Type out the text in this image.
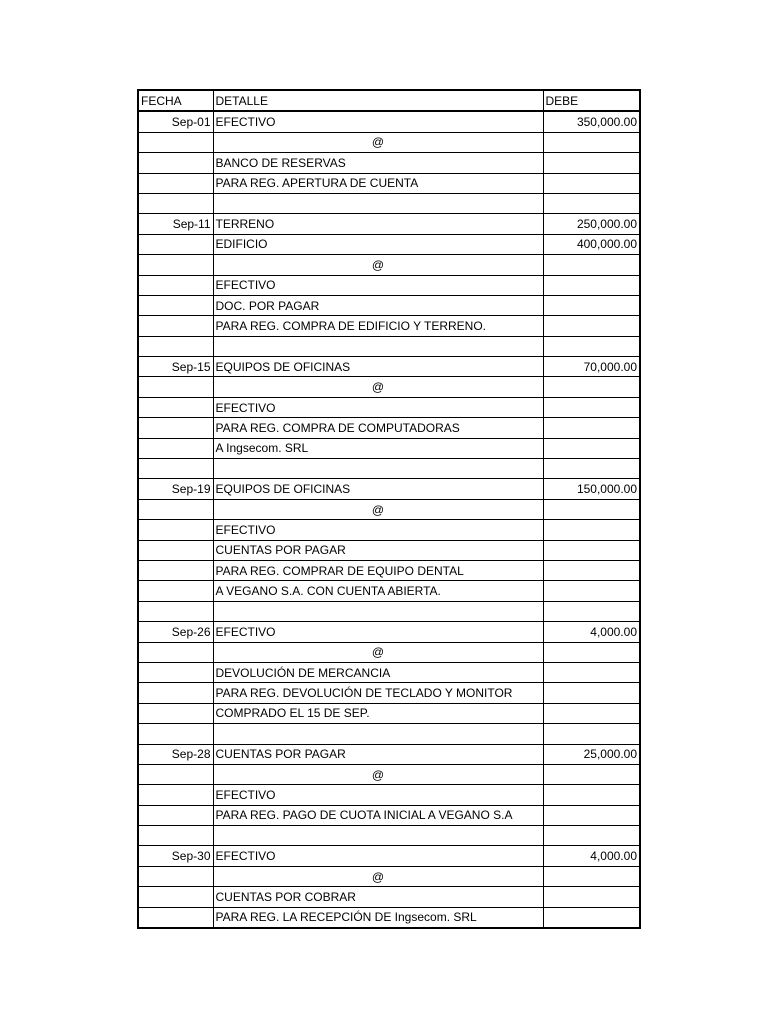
FECHA	DETALLE	DEBE
Sep-01	EFECTIVO	350,000.00
	@	
	BANCO DE RESERVAS	
	PARA REG. APERTURA DE CUENTA	

Sep-11	TERRENO	250,000.00
	EDIFICIO	400,000.00
	@	
	EFECTIVO	
	DOC. POR PAGAR	
	PARA REG. COMPRA DE EDIFICIO Y TERRENO.	

Sep-15	EQUIPOS DE OFICINAS	70,000.00
	@	
	EFECTIVO	
	PARA REG. COMPRA DE COMPUTADORAS	
	A Ingsecom. SRL	

Sep-19	EQUIPOS DE OFICINAS	150,000.00
	@	
	EFECTIVO	
	CUENTAS POR PAGAR	
	PARA REG. COMPRAR DE EQUIPO DENTAL	
	A VEGANO S.A. CON CUENTA ABIERTA.	

Sep-26	EFECTIVO	4,000.00
	@	
	DEVOLUCIÓN DE MERCANCIA	
	PARA REG. DEVOLUCIÓN DE TECLADO Y MONITOR	
	COMPRADO EL 15 DE SEP.	

Sep-28	CUENTAS POR PAGAR	25,000.00
	@	
	EFECTIVO	
	PARA REG. PAGO DE CUOTA INICIAL A VEGANO S.A	

Sep-30	EFECTIVO	4,000.00
	@	
	CUENTAS POR COBRAR	
	PARA REG. LA RECEPCIÓN DE Ingsecom. SRL	
